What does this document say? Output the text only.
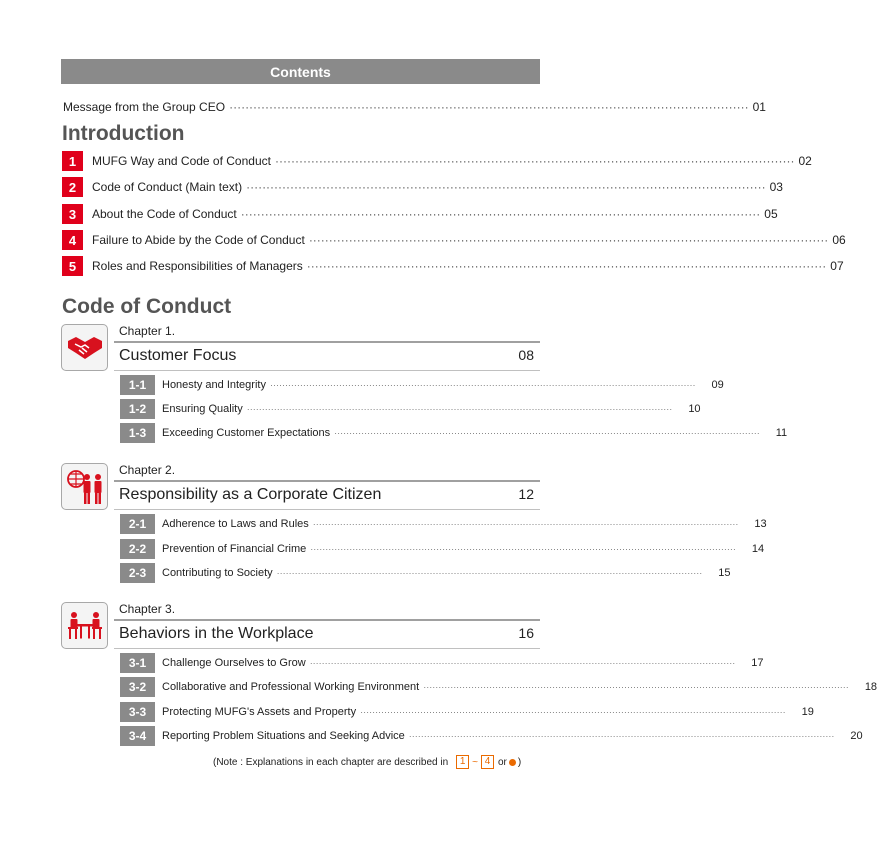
Contents
Message from the Group CEO ·································································································································· 01
Introduction
1	MUFG Way and Code of Conduct ·································································································································· 02
2	Code of Conduct (Main text) ·································································································································· 03
3	About the Code of Conduct ·································································································································· 05
4	Failure to Abide by the Code of Conduct ·································································································································· 06
5	Roles and Responsibilities of Managers ·································································································································· 07
Code of Conduct
Chapter 1.
Customer Focus	08
1-1	Honesty and Integrity ·············································································································································· 09
1-2	Ensuring Quality ·············································································································································· 10
1-3	Exceeding Customer Expectations ·············································································································································· 11
Chapter 2.
Responsibility as a Corporate Citizen	12
2-1	Adherence to Laws and Rules ·············································································································································· 13
2-2	Prevention of Financial Crime ·············································································································································· 14
2-3	Contributing to Society ·············································································································································· 15
Chapter 3.
Behaviors in the Workplace	16
3-1	Challenge Ourselves to Grow ·············································································································································· 17
3-2	Collaborative and Professional Working Environment ·············································································································································· 18
3-3	Protecting MUFG's Assets and Property ·············································································································································· 19
3-4	Reporting Problem Situations and Seeking Advice ·············································································································································· 20
(Note : Explanations in each chapter are described in	1 ~ 4 or )
